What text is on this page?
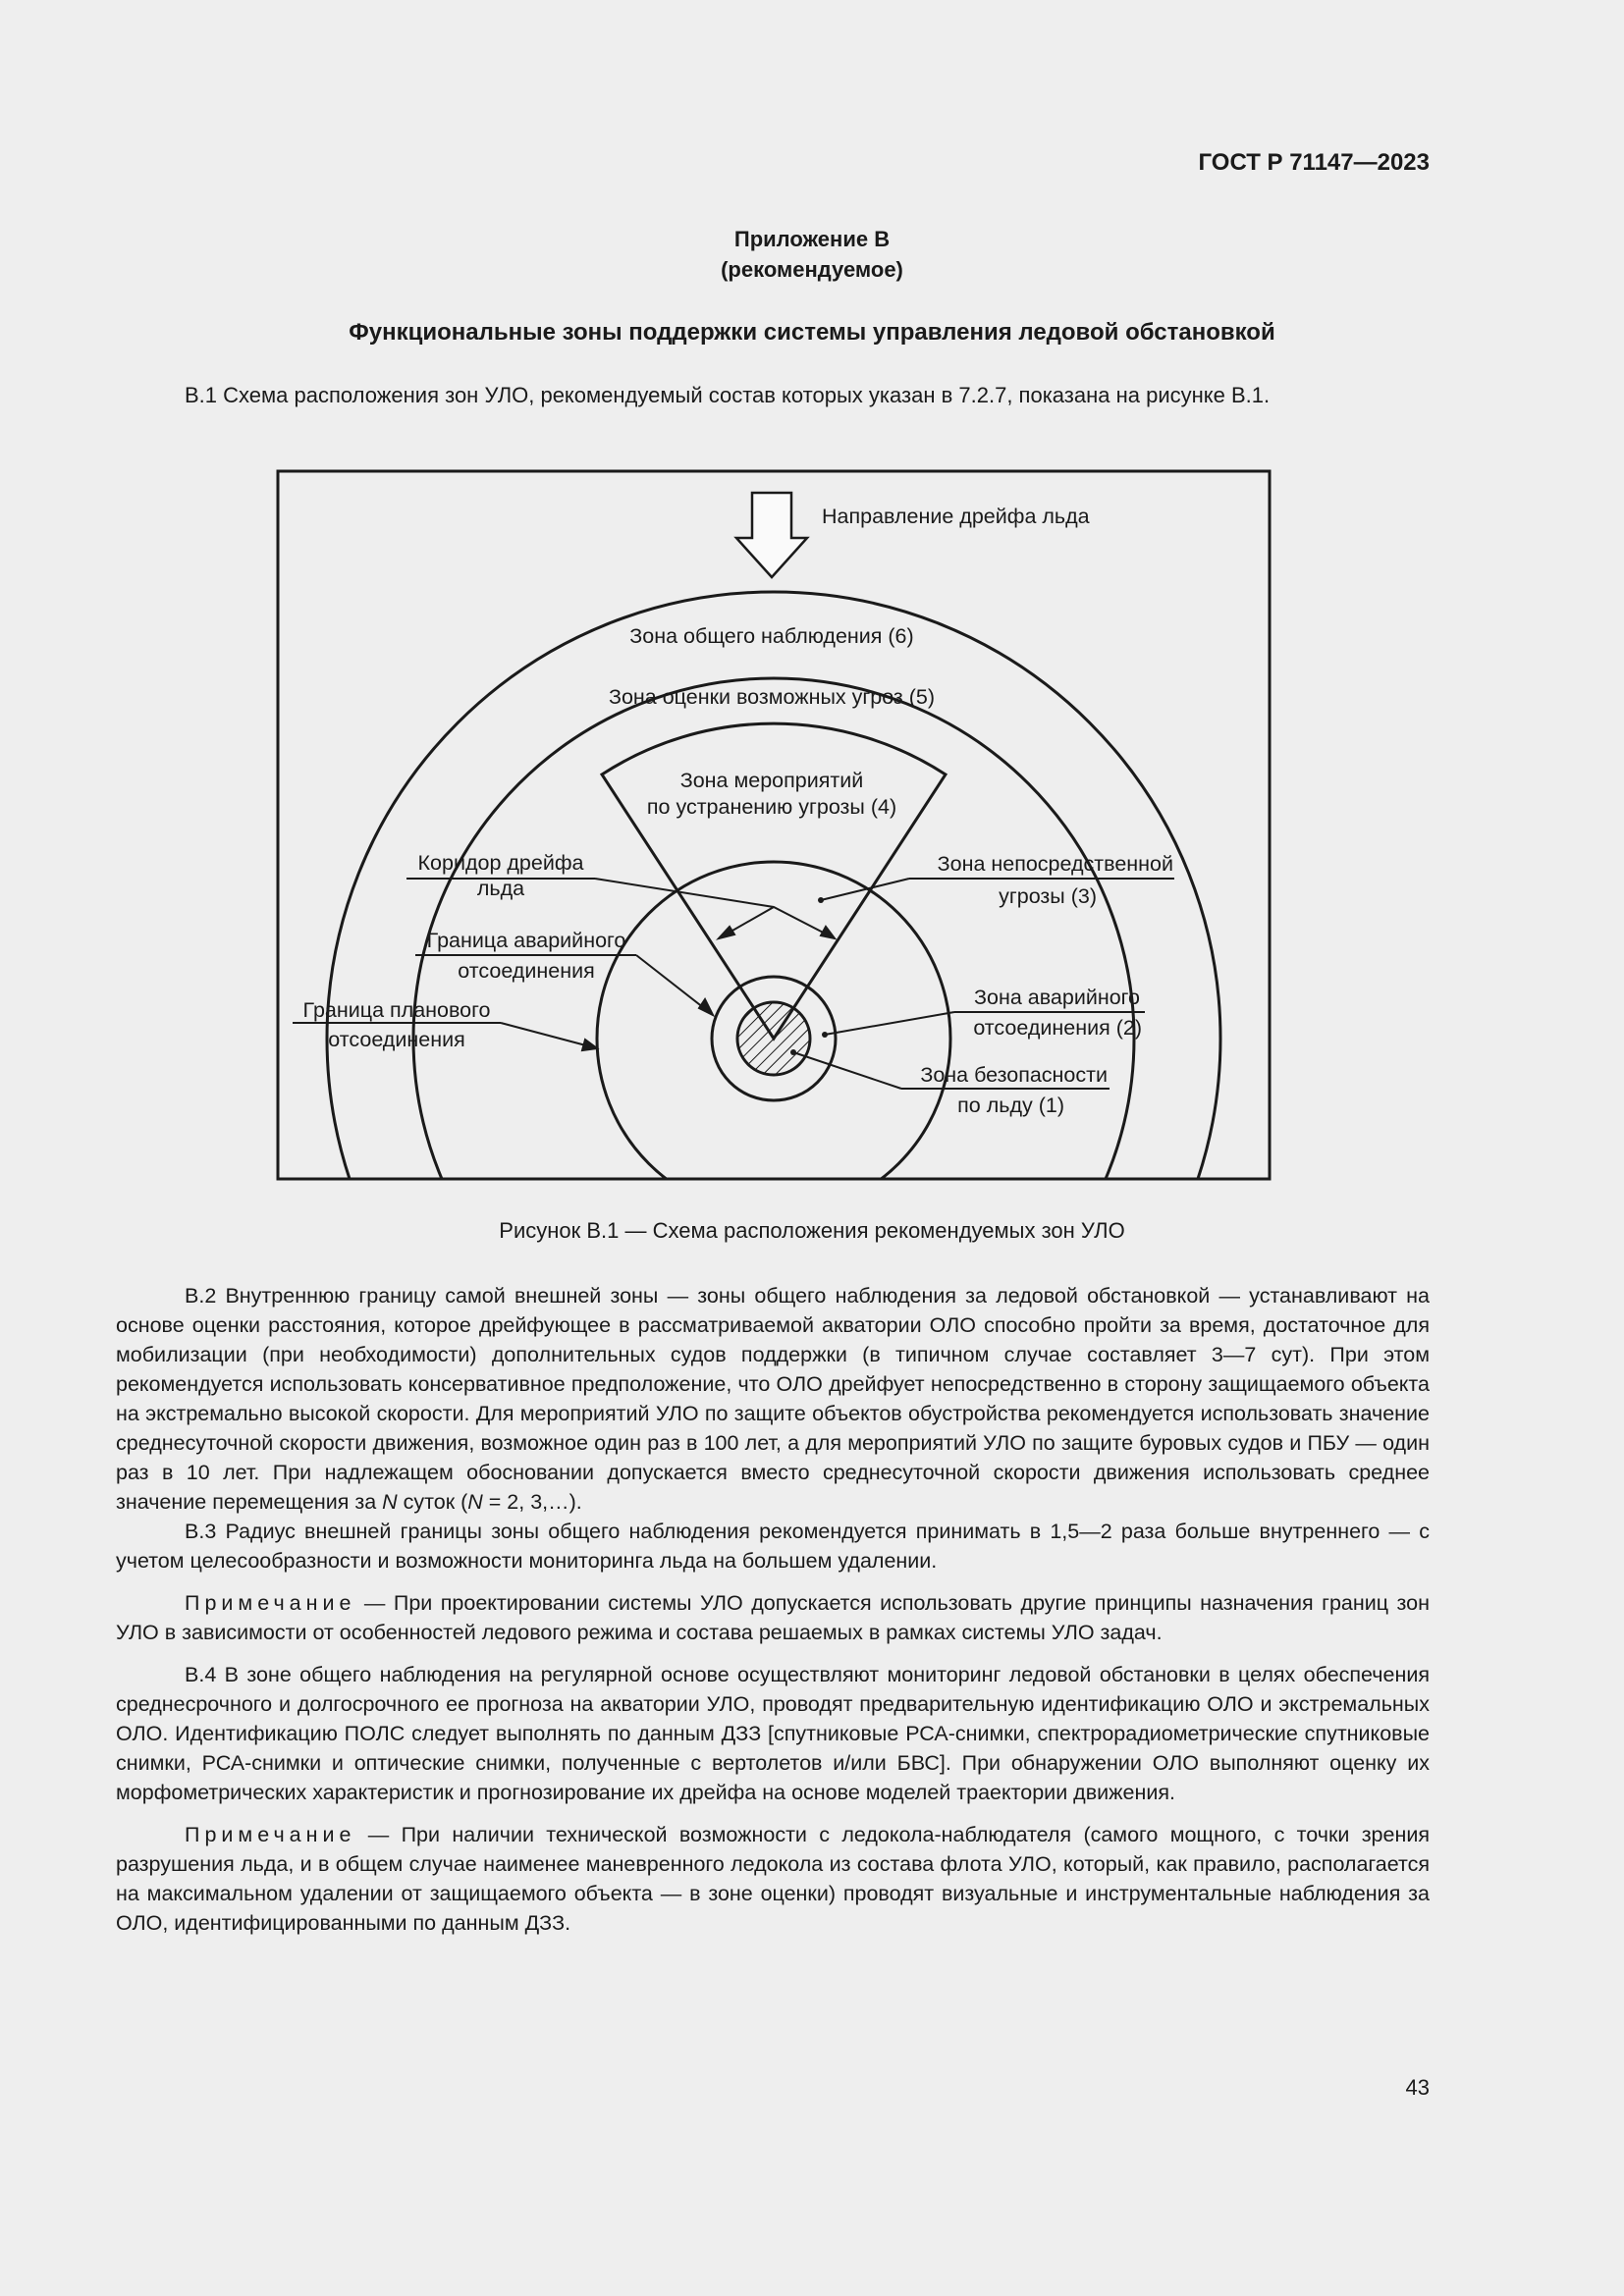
ГОСТ Р 71147—2023
Приложение В
(рекомендуемое)
Функциональные зоны поддержки системы управления ледовой обстановкой
В.1 Схема расположения зон УЛО, рекомендуемый состав которых указан в 7.2.7, показана на рисунке В.1.
Направление дрейфа льда
Зона общего наблюдения (6)
Зона оценки возможных угроз (5)
Зона мероприятий
по устранению угрозы (4)
Коридор дрейфа
льда
Зона непосредственной
угрозы (3)
Граница аварийного
отсоединения
Зона аварийного
отсоединения (2)
Граница планового
отсоединения
Зона безопасности
по льду (1)
Рисунок В.1 — Схема расположения рекомендуемых зон УЛО

В.2 Внутреннюю границу самой внешней зоны — зоны общего наблюдения за ледовой обстановкой — устанавливают на основе оценки расстояния, которое дрейфующее в рассматриваемой акватории ОЛО способно пройти за время, достаточное для мобилизации (при необходимости) дополнительных судов поддержки (в типичном случае составляет 3—7 сут). При этом рекомендуется использовать консервативное предположение, что ОЛО дрейфует непосредственно в сторону защищаемого объекта на экстремально высокой скорости. Для мероприятий УЛО по защите объектов обустройства рекомендуется использовать значение среднесуточной скорости движения, возможное один раз в 100 лет, а для мероприятий УЛО по защите буровых судов и ПБУ — один раз в 10 лет. При надлежащем обосновании допускается вместо среднесуточной скорости движения использовать среднее значение перемещения за N суток (N = 2, 3,…).

В.3 Радиус внешней границы зоны общего наблюдения рекомендуется принимать в 1,5—2 раза больше внутреннего — с учетом целесообразности и возможности мониторинга льда на большем удалении.

Примечание — При проектировании системы УЛО допускается использовать другие принципы назначения границ зон УЛО в зависимости от особенностей ледового режима и состава решаемых в рамках системы УЛО задач.

В.4 В зоне общего наблюдения на регулярной основе осуществляют мониторинг ледовой обстановки в целях обеспечения среднесрочного и долгосрочного ее прогноза на акватории УЛО, проводят предварительную идентификацию ОЛО и экстремальных ОЛО. Идентификацию ПОЛС следует выполнять по данным ДЗЗ [спутниковые РСА-снимки, спектрорадиометрические спутниковые снимки, РСА-снимки и оптические снимки, полученные с вертолетов и/или БВС]. При обнаружении ОЛО выполняют оценку их морфометрических характеристик и прогнозирование их дрейфа на основе моделей траектории движения.

Примечание — При наличии технической возможности с ледокола-наблюдателя (самого мощного, с точки зрения разрушения льда, и в общем случае наименее маневренного ледокола из состава флота УЛО, который, как правило, располагается на максимальном удалении от защищаемого объекта — в зоне оценки) проводят визуальные и инструментальные наблюдения за ОЛО, идентифицированными по данным ДЗЗ.

43
